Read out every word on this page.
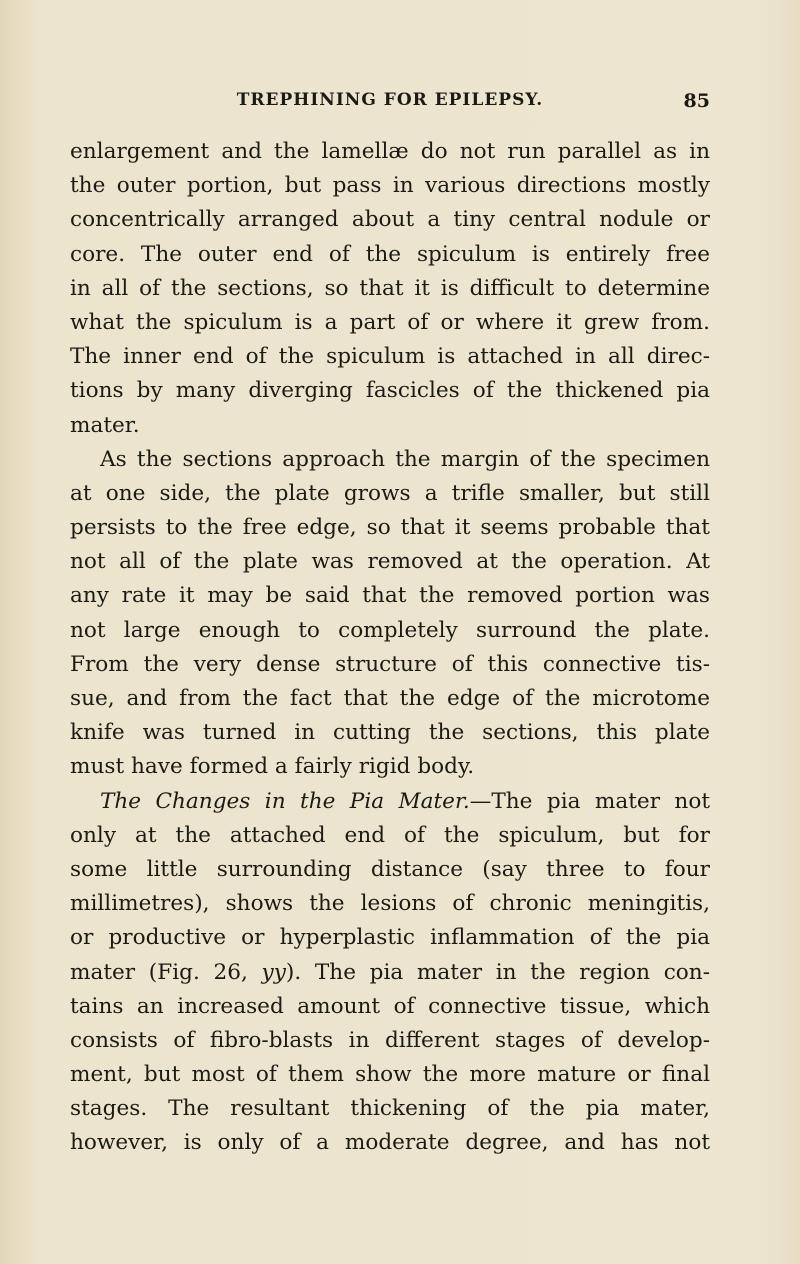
TREPHINING FOR EPILEPSY.	85
enlargement and the lamellæ do not run parallel as in
the outer portion, but pass in various directions mostly
concentrically arranged about a tiny central nodule or
core. The outer end of the spiculum is entirely free
in all of the sections, so that it is difficult to determine
what the spiculum is a part of or where it grew from.
The inner end of the spiculum is attached in all direc-
tions by many diverging fascicles of the thickened pia
mater.
As the sections approach the margin of the specimen
at one side, the plate grows a trifle smaller, but still
persists to the free edge, so that it seems probable that
not all of the plate was removed at the operation. At
any rate it may be said that the removed portion was
not large enough to completely surround the plate.
From the very dense structure of this connective tis-
sue, and from the fact that the edge of the microtome
knife was turned in cutting the sections, this plate
must have formed a fairly rigid body.
The Changes in the Pia Mater.—The pia mater not
only at the attached end of the spiculum, but for
some little surrounding distance (say three to four
millimetres), shows the lesions of chronic meningitis,
or productive or hyperplastic inflammation of the pia
mater (Fig. 26, yy). The pia mater in the region con-
tains an increased amount of connective tissue, which
consists of fibro-blasts in different stages of develop-
ment, but most of them show the more mature or final
stages. The resultant thickening of the pia mater,
however, is only of a moderate degree, and has not
